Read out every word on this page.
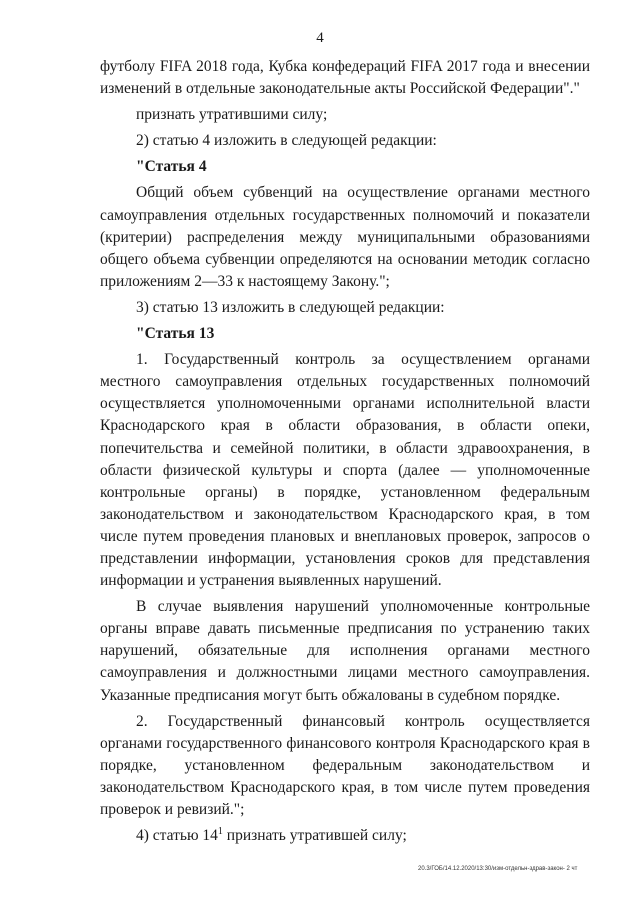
4

футболу FIFA 2018 года, Кубка конфедераций FIFA 2017 года и внесении изменений в отдельные законодательные акты Российской Федерации"."

признать утратившими силу;

2) статью 4 изложить в следующей редакции:

"Статья 4

Общий объем субвенций на осуществление органами местного самоуправления отдельных государственных полномочий и показатели (критерии) распределения между муниципальными образованиями общего объема субвенции определяются на основании методик согласно приложениям 2—33 к настоящему Закону.";

3) статью 13 изложить в следующей редакции:

"Статья 13

1. Государственный контроль за осуществлением органами местного самоуправления отдельных государственных полномочий осуществляется уполномоченными органами исполнительной власти Краснодарского края в области образования, в области опеки, попечительства и семейной политики, в области здравоохранения, в области физической культуры и спорта (далее — уполномоченные контрольные органы) в порядке, установленном федеральным законодательством и законодательством Краснодарского края, в том числе путем проведения плановых и внеплановых проверок, запросов о представлении информации, установления сроков для представления информации и устранения выявленных нарушений.

В случае выявления нарушений уполномоченные контрольные органы вправе давать письменные предписания по устранению таких нарушений, обязательные для исполнения органами местного самоуправления и должностными лицами местного самоуправления. Указанные предписания могут быть обжалованы в судебном порядке.

2. Государственный финансовый контроль осуществляется органами государственного финансового контроля Краснодарского края в порядке, установленном федеральным законодательством и законодательством Краснодарского края, в том числе путем проведения проверок и ревизий.";

4) статью $14^1$ признать утратившей силу;

20.3/ГОБ/14.12.2020/13:30/изм-отдельн-здрав-закон- 2 чт
